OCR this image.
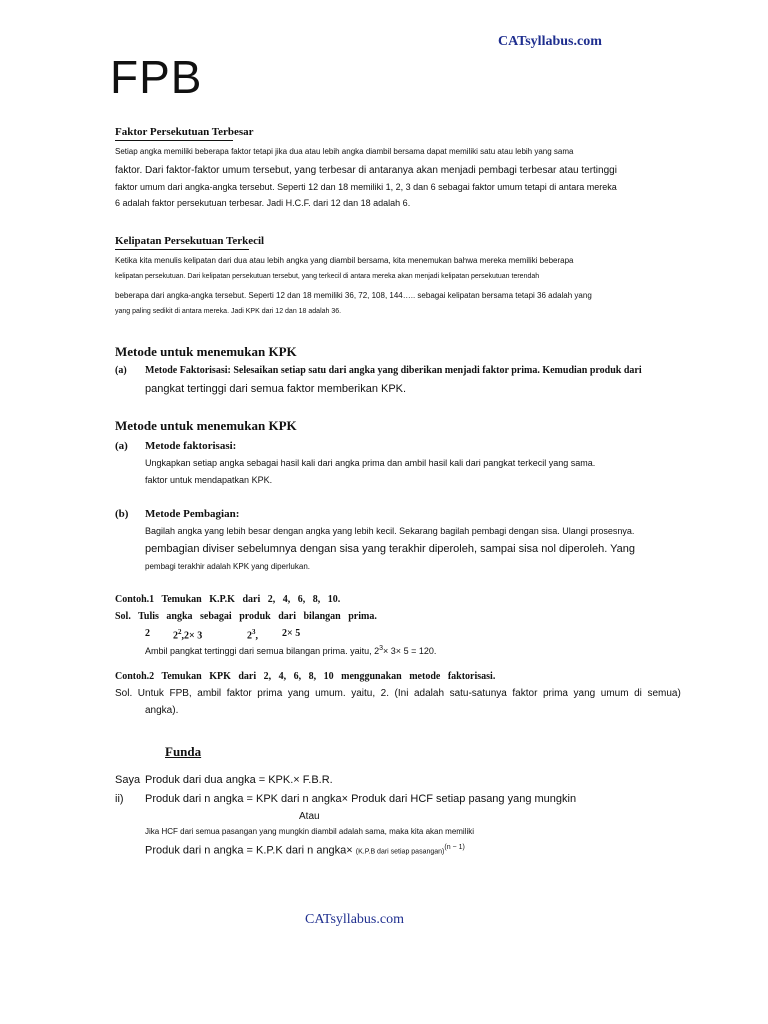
CATsyllabus.com
FPB
Faktor Persekutuan Terbesar
Setiap angka memiliki beberapa faktor tetapi jika dua atau lebih angka diambil bersama dapat memiliki satu atau lebih yang sama
faktor. Dari faktor-faktor umum tersebut, yang terbesar di antaranya akan menjadi pembagi terbesar atau tertinggi
faktor umum dari angka-angka tersebut. Seperti 12 dan 18 memiliki 1, 2, 3 dan 6 sebagai faktor umum tetapi di antara mereka
6 adalah faktor persekutuan terbesar. Jadi H.C.F. dari 12 dan 18 adalah 6.
Kelipatan Persekutuan Terkecil
Ketika kita menulis kelipatan dari dua atau lebih angka yang diambil bersama, kita menemukan bahwa mereka memiliki beberapa
kelipatan persekutuan. Dari kelipatan persekutuan tersebut, yang terkecil di antara mereka akan menjadi kelipatan persekutuan terendah
beberapa dari angka-angka tersebut. Seperti 12 dan 18 memiliki 36, 72, 108, 144….. sebagai kelipatan bersama tetapi 36 adalah yang
yang paling sedikit di antara mereka. Jadi KPK dari 12 dan 18 adalah 36.
Metode untuk menemukan KPK
(a) Metode Faktorisasi: Selesaikan setiap satu dari angka yang diberikan menjadi faktor prima. Kemudian produk dari
pangkat tertinggi dari semua faktor memberikan KPK.
Metode untuk menemukan KPK
(a) Metode faktorisasi:
Ungkapkan setiap angka sebagai hasil kali dari angka prima dan ambil hasil kali dari pangkat terkecil yang sama.
faktor untuk mendapatkan KPK.
(b) Metode Pembagian:
Bagilah angka yang lebih besar dengan angka yang lebih kecil. Sekarang bagilah pembagi dengan sisa. Ulangi prosesnya.
pembagian diviser sebelumnya dengan sisa yang terakhir diperoleh, sampai sisa nol diperoleh. Yang
pembagi terakhir adalah KPK yang diperlukan.
Contoh.1   Temukan   K.P.K   dari   2,   4,   6,   8,   10.
Sol.   Tulis   angka   sebagai   produk   dari   bilangan   prima.
2 $2^2,2\times 3$	$2^3$, 2× 5
Ambil pangkat tertinggi dari semua bilangan prima. yaitu, $2^3\times 3\times 5 = 120$.
Contoh.2   Temukan   KPK   dari   2,   4,   6,   8,   10   menggunakan   metode   faktorisasi.
Sol.  Untuk  FPB,  ambil  faktor  prima  yang  umum.  yaitu,  2.  (Ini  adalah  satu-satunya  faktor  prima  yang  umum  di  semua)
angka).
Funda
Saya Produk dari dua angka = KPK.× F.B.R.
ii) Produk dari n angka = KPK dari n angka× Produk dari HCF setiap pasang yang mungkin
Atau
Jika HCF dari semua pasangan yang mungkin diambil adalah sama, maka kita akan memiliki
Produk dari n angka = K.P.K dari n angka× (K.P.B dari setiap pasangan)$^{(n - 1)}$
CATsyllabus.com
